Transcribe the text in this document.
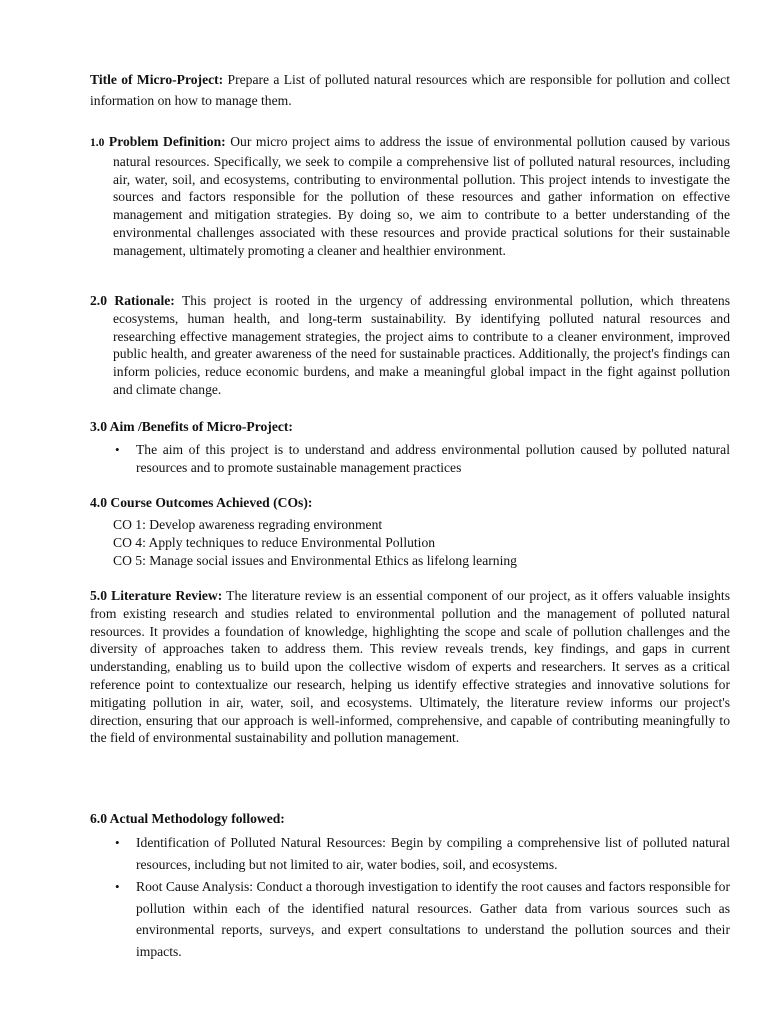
Title of Micro-Project: Prepare a List of polluted natural resources which are responsible for pollution and collect information on how to manage them.
1.0 Problem Definition: Our micro project aims to address the issue of environmental pollution caused by various natural resources. Specifically, we seek to compile a comprehensive list of polluted natural resources, including air, water, soil, and ecosystems, contributing to environmental pollution. This project intends to investigate the sources and factors responsible for the pollution of these resources and gather information on effective management and mitigation strategies. By doing so, we aim to contribute to a better understanding of the environmental challenges associated with these resources and provide practical solutions for their sustainable management, ultimately promoting a cleaner and healthier environment.
2.0 Rationale: This project is rooted in the urgency of addressing environmental pollution, which threatens ecosystems, human health, and long-term sustainability. By identifying polluted natural resources and researching effective management strategies, the project aims to contribute to a cleaner environment, improved public health, and greater awareness of the need for sustainable practices. Additionally, the project's findings can inform policies, reduce economic burdens, and make a meaningful global impact in the fight against pollution and climate change.
3.0 Aim /Benefits of Micro-Project:
• The aim of this project is to understand and address environmental pollution caused by polluted natural resources and to promote sustainable management practices
4.0 Course Outcomes Achieved (COs):
CO 1: Develop awareness regrading environment
CO 4: Apply techniques to reduce Environmental Pollution
CO 5: Manage social issues and Environmental Ethics as lifelong learning
5.0 Literature Review: The literature review is an essential component of our project, as it offers valuable insights from existing research and studies related to environmental pollution and the management of polluted natural resources. It provides a foundation of knowledge, highlighting the scope and scale of pollution challenges and the diversity of approaches taken to address them. This review reveals trends, key findings, and gaps in current understanding, enabling us to build upon the collective wisdom of experts and researchers. It serves as a critical reference point to contextualize our research, helping us identify effective strategies and innovative solutions for mitigating pollution in air, water, soil, and ecosystems. Ultimately, the literature review informs our project's direction, ensuring that our approach is well-informed, comprehensive, and capable of contributing meaningfully to the field of environmental sustainability and pollution management.
6.0 Actual Methodology followed:
• Identification of Polluted Natural Resources: Begin by compiling a comprehensive list of polluted natural resources, including but not limited to air, water bodies, soil, and ecosystems.
• Root Cause Analysis: Conduct a thorough investigation to identify the root causes and factors responsible for pollution within each of the identified natural resources. Gather data from various sources such as environmental reports, surveys, and expert consultations to understand the pollution sources and their impacts.
